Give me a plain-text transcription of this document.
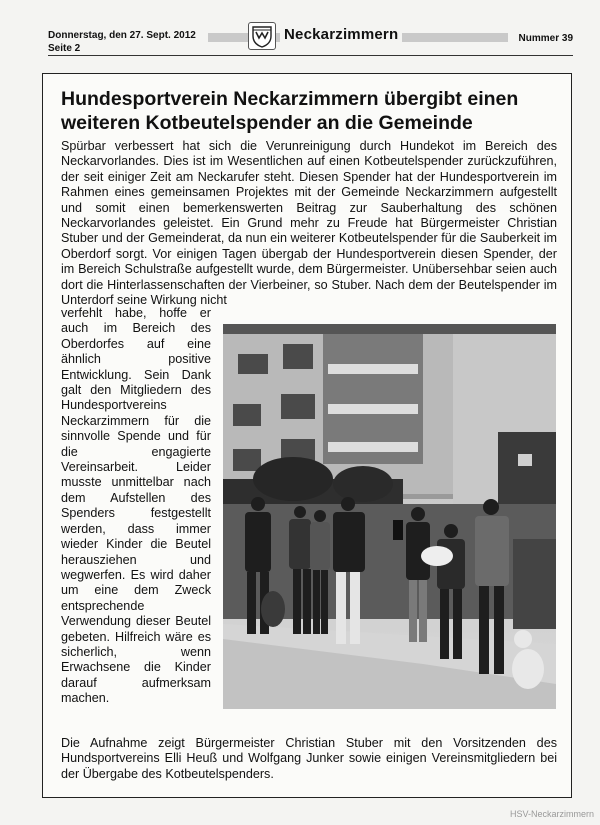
Donnerstag, den 27. Sept. 2012
Seite 2
Neckarzimmern	Nummer 39
Hundesportverein Neckarzimmern übergibt einen weiteren Kotbeutelspender an die Gemeinde
Spürbar verbessert hat sich die Verunreinigung durch Hundekot im Bereich des Neckarvorlandes. Dies ist im Wesentlichen auf einen Kotbeutelspender zurückzuführen, der seit einiger Zeit am Neckarufer steht. Diesen Spender hat der Hundesportverein im Rahmen eines gemeinsamen Projektes mit der Gemeinde Neckarzimmern aufgestellt und somit einen bemerkenswerten Beitrag zur Sauberhaltung des schönen Neckarvorlandes geleistet. Ein Grund mehr zu Freude hat Bürgermeister Christian Stuber und der Gemeinderat, da nun ein weiterer Kotbeutelspender für die Sauberkeit im Oberdorf sorgt. Vor einigen Tagen übergab der Hundesportverein diesen Spender, der im Bereich Schulstraße aufgestellt wurde, dem Bürgermeister. Unübersehbar seien auch dort die Hinterlassenschaften der Vierbeiner, so Stuber. Nach dem der Beutelspender im Unterdorf seine Wirkung nicht
verfehlt habe, hoffe er auch im Bereich des Oberdorfes auf eine ähnlich positive Entwicklung. Sein Dank galt den Mitgliedern des Hundesportvereins Neckarzimmern für die sinnvolle Spende und für die engagierte Vereinsarbeit. Leider musste unmittelbar nach dem Aufstellen des Spenders festgestellt werden, dass immer wieder Kinder die Beutel herausziehen und wegwerfen. Es wird daher um eine dem Zweck entsprechende Verwendung dieser Beutel gebeten. Hilfreich wäre es sicherlich, wenn Erwachsene die Kinder darauf aufmerksam machen.
Die Aufnahme zeigt Bürgermeister Christian Stuber mit den Vorsitzenden des Hundsportvereins Elli Heuß und Wolfgang Junker sowie einigen Vereinsmitgliedern bei der Übergabe des Kotbeutelspenders.
HSV-Neckarzimmern
